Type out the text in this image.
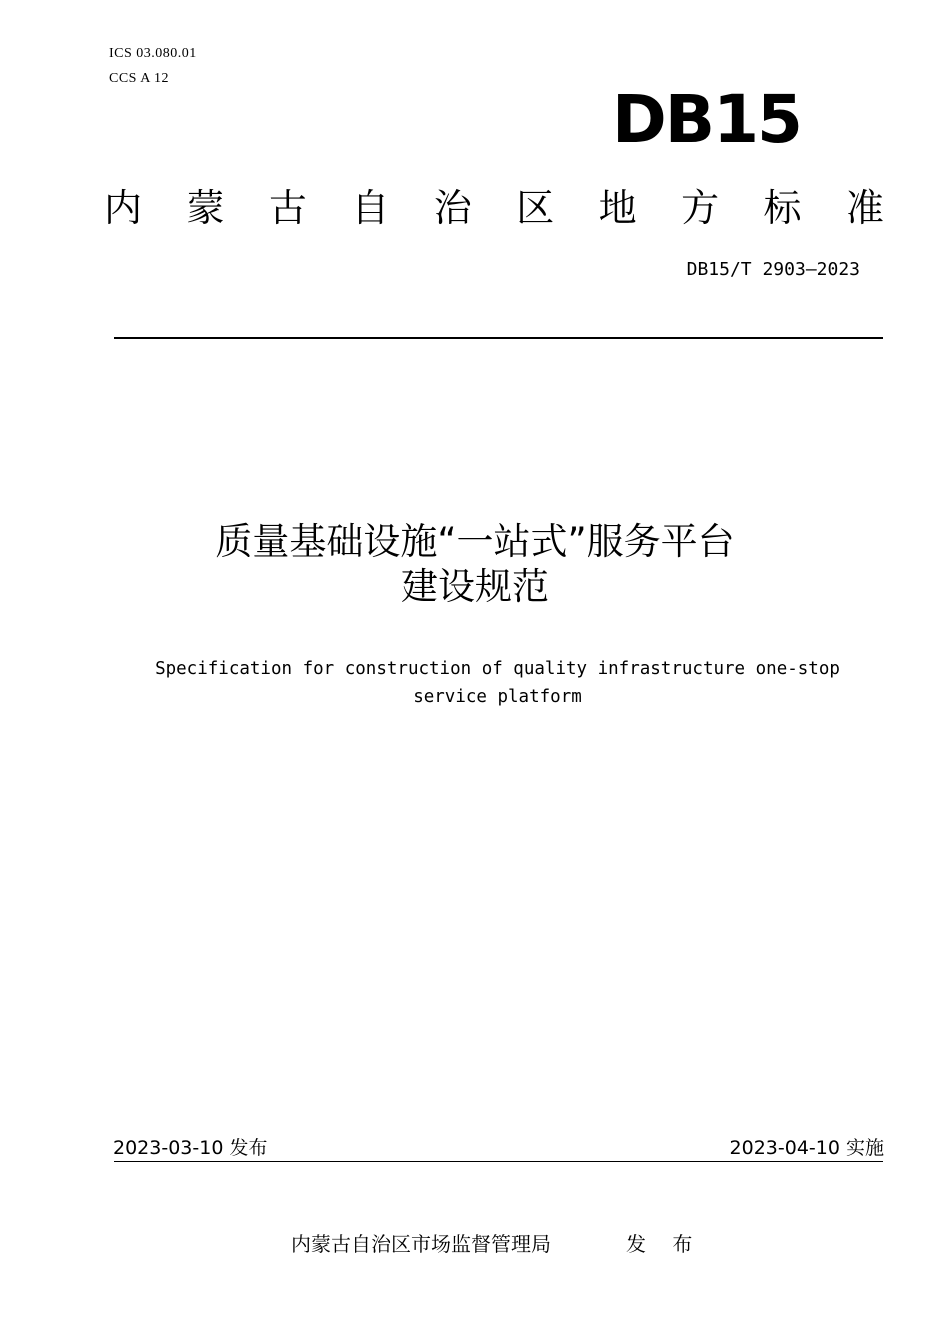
ICS 03.080.01
CCS A 12
DB15
内 蒙 古 自 治 区 地 方 标 准
DB15/T 2903—2023
质量基础设施“一站式”服务平台
建设规范
Specification for construction of quality infrastructure one-stop
service platform
2023-03-10 发布	2023-04-10 实施
内蒙古自治区市场监督管理局	发 布
